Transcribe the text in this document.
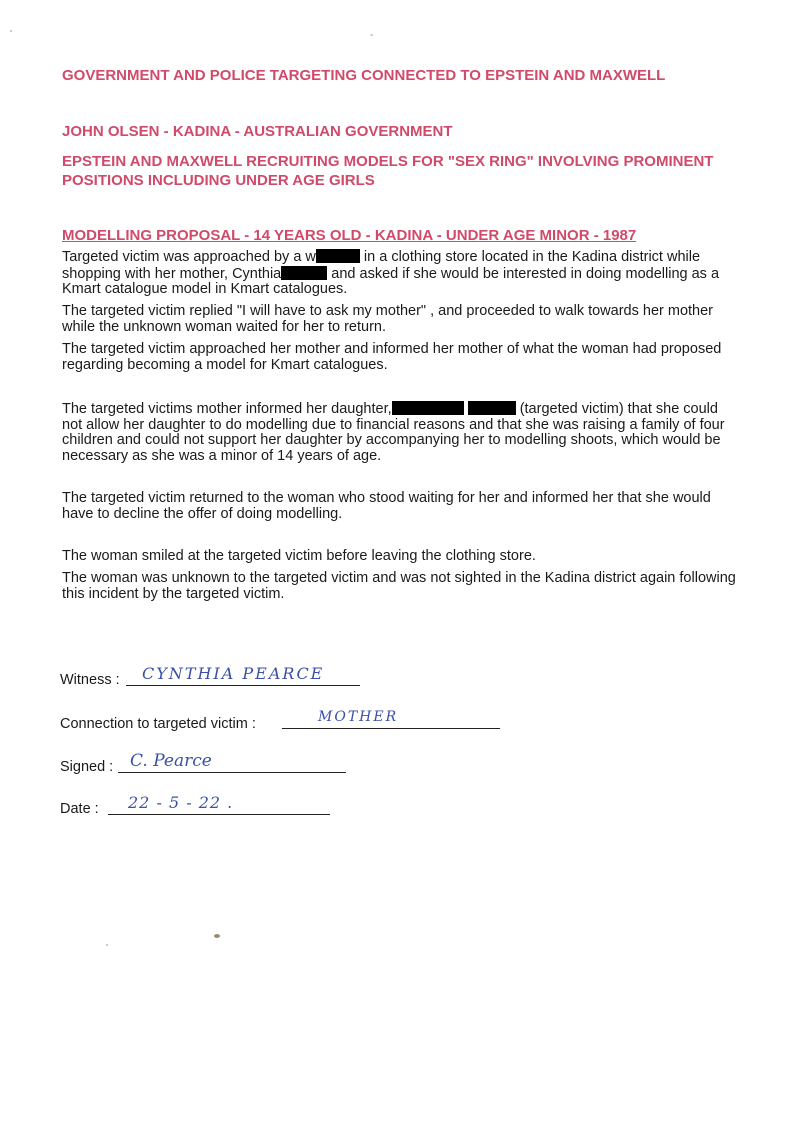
GOVERNMENT AND POLICE TARGETING CONNECTED TO EPSTEIN AND MAXWELL
JOHN OLSEN - KADINA - AUSTRALIAN GOVERNMENT
EPSTEIN AND MAXWELL RECRUITING MODELS FOR "SEX RING" INVOLVING PROMINENT POSITIONS INCLUDING UNDER AGE GIRLS
MODELLING PROPOSAL - 14 YEARS OLD - KADINA - UNDER AGE MINOR - 1987

Targeted victim was approached by a w	in a clothing store located in the Kadina district while shopping with her mother, Cynthia	and asked if she would be interested in doing modelling as a Kmart catalogue model in Kmart catalogues.

The targeted victim replied "I will have to ask my mother" , and proceeded to walk towards her mother while the unknown woman waited for her to return.

The targeted victim approached her mother and informed her mother of what the woman had proposed regarding becoming a model for Kmart catalogues.

The targeted victims mother informed her daughter,	(targeted victim) that she could not allow her daughter to do modelling due to financial reasons and that she was raising a family of four children and could not support her daughter by accompanying her to modelling shoots, which would be necessary as she was a minor of 14 years of age.

The targeted victim returned to the woman who stood waiting for her and informed her that she would have to decline the offer of doing modelling.

The woman smiled at the targeted victim before leaving the clothing store.

The woman was unknown to the targeted victim and was not sighted in the Kadina district again following this incident by the targeted victim.

Witness : CYNTHIA PEARCE
Connection to targeted victim :	MOTHER
Signed : C. Pearce
Date : 22 - 5 - 22 .
